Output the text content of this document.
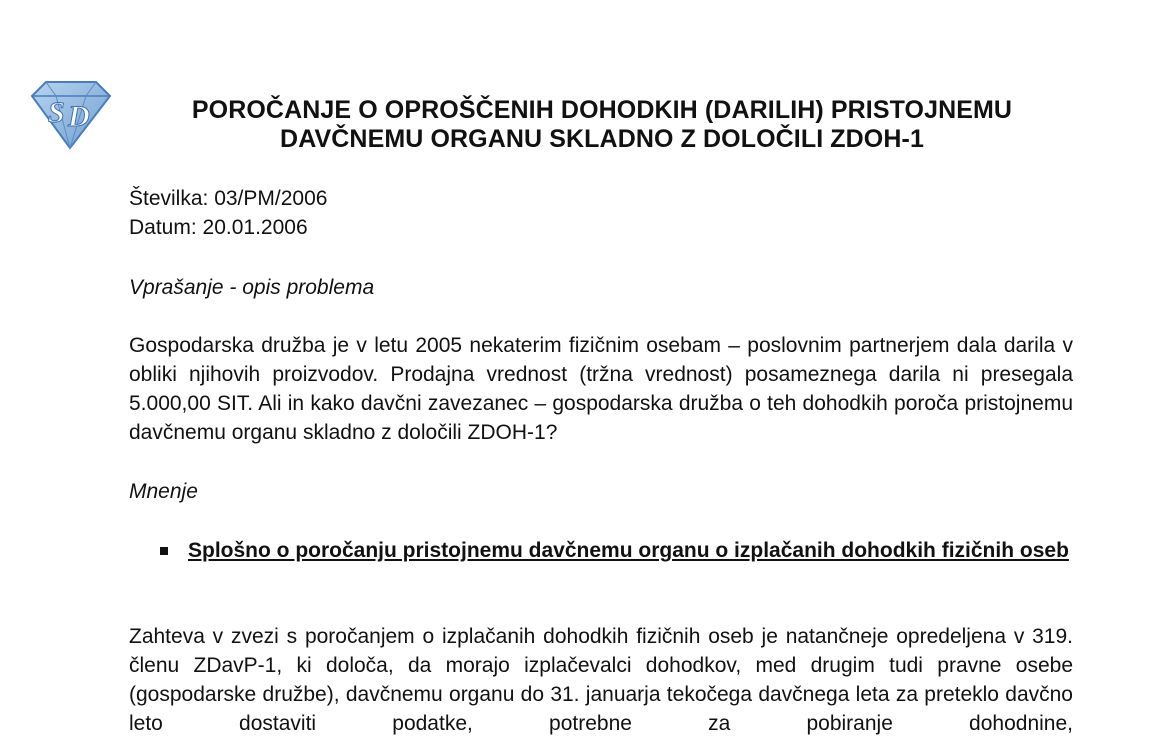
S D	POROČANJE O OPROŠČENIH DOHODKIH (DARILIH) PRISTOJNEMU
DAVČNEMU ORGANU SKLADNO Z DOLOČILI ZDOH-1
Številka: 03/PM/2006
Datum: 20.01.2006
Vprašanje - opis problema
Gospodarska družba je v letu 2005 nekaterim fizičnim osebam – poslovnim partnerjem dala darila v obliki njihovih proizvodov. Prodajna vrednost (tržna vrednost) posameznega darila ni presegala 5.000,00 SIT. Ali in kako davčni zavezanec – gospodarska družba o teh dohodkih poroča pristojnemu davčnemu organu skladno z določili ZDOH-1?
Mnenje
Splošno o poročanju pristojnemu davčnemu organu o izplačanih dohodkih fizičnih oseb
Zahteva v zvezi s poročanjem o izplačanih dohodkih fizičnih oseb je natančneje opredeljena v 319. členu ZDavP-1, ki določa, da morajo izplačevalci dohodkov, med drugim tudi pravne osebe (gospodarske družbe), davčnemu organu do 31. januarja tekočega davčnega leta za preteklo davčno leto dostaviti podatke, potrebne za pobiranje dohodnine,
